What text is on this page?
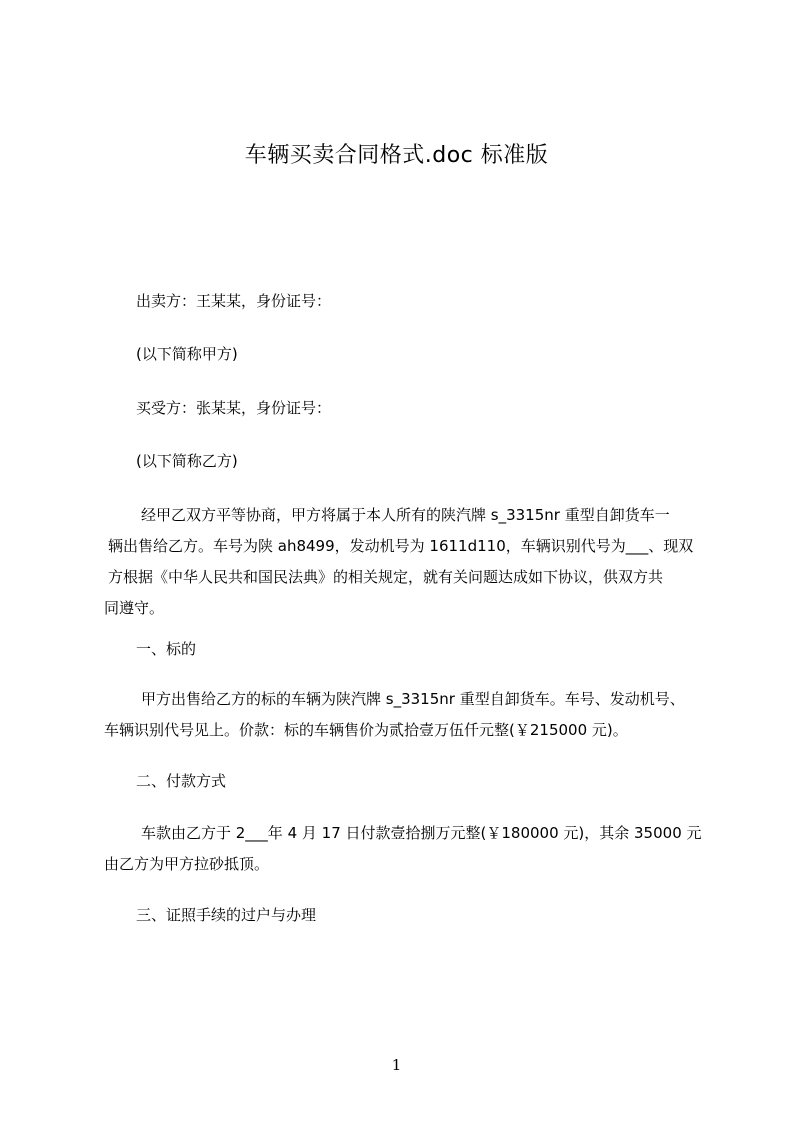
车辆买卖合同格式.doc 标准版
出卖方：王某某，身份证号：
(以下简称甲方)
买受方：张某某，身份证号：
(以下简称乙方)
　经甲乙双方平等协商，甲方将属于本人所有的陕汽牌 s_3315nr 重型自卸货车一
辆出售给乙方。车号为陕 ah8499，发动机号为 1611d110，车辆识别代号为___、现双
方根据《中华人民共和国民法典》的相关规定，就有关问题达成如下协议，供双方共
同遵守。
一、标的
　甲方出售给乙方的标的车辆为陕汽牌 s_3315nr 重型自卸货车。车号、发动机号、
车辆识别代号见上。价款：标的车辆售价为贰拾壹万伍仟元整(￥215000 元)。
二、付款方式
　车款由乙方于 2___年 4 月 17 日付款壹拾捌万元整(￥180000 元)，其余 35000 元
由乙方为甲方拉砂抵顶。
三、证照手续的过户与办理
1
